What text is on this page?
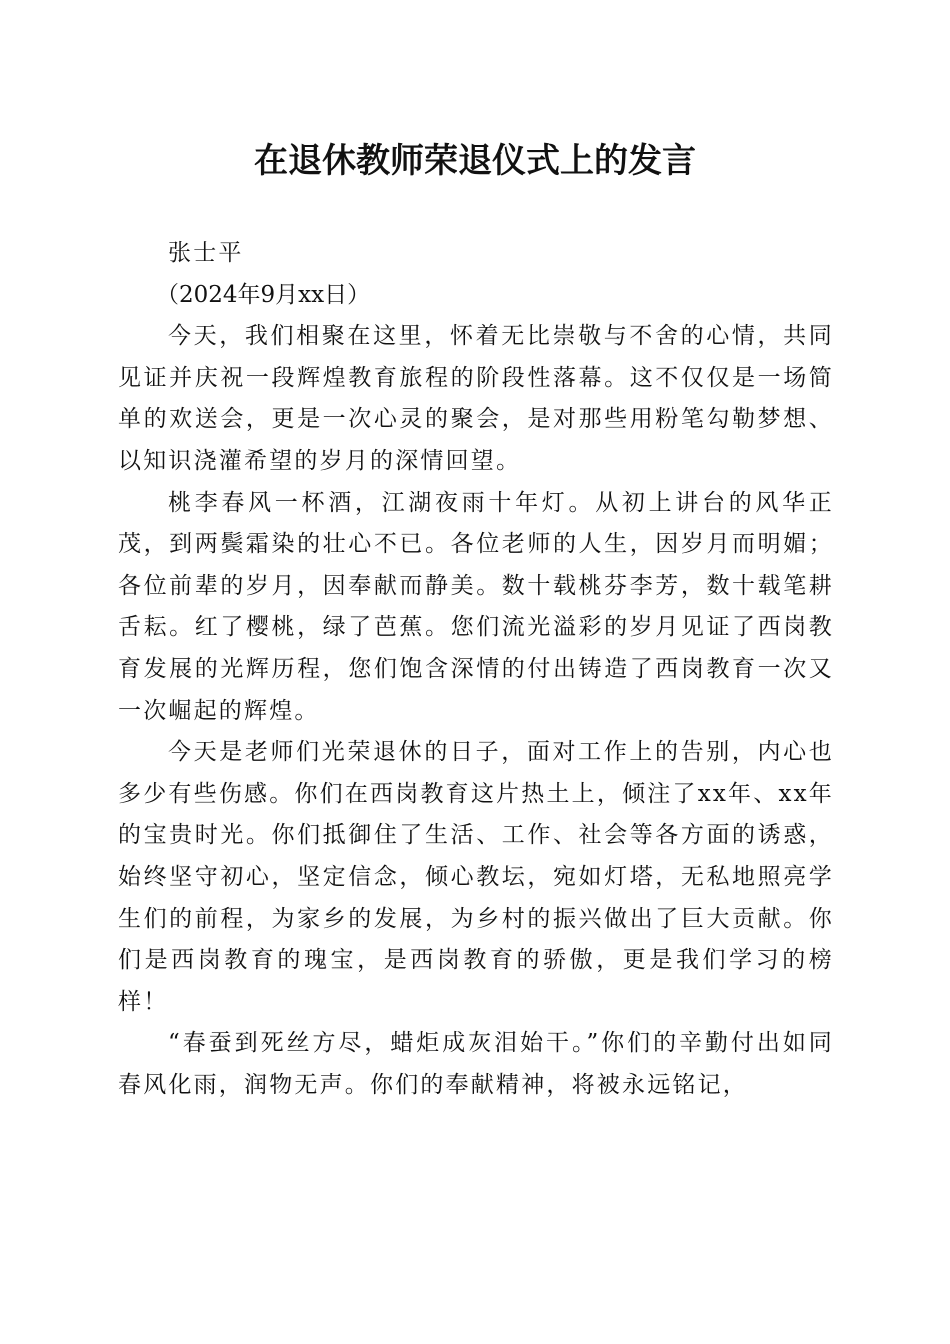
在退休教师荣退仪式上的发言

张士平

（2024年9月xx日）

今天，我们相聚在这里，怀着无比崇敬与不舍的心情，共同见证并庆祝一段辉煌教育旅程的阶段性落幕。这不仅仅是一场简单的欢送会，更是一次心灵的聚会，是对那些用粉笔勾勒梦想、以知识浇灌希望的岁月的深情回望。

桃李春风一杯酒，江湖夜雨十年灯。从初上讲台的风华正茂，到两鬓霜染的壮心不已。各位老师的人生，因岁月而明媚；各位前辈的岁月，因奉献而静美。数十载桃芬李芳，数十载笔耕舌耘。红了樱桃，绿了芭蕉。您们流光溢彩的岁月见证了西岗教育发展的光辉历程，您们饱含深情的付出铸造了西岗教育一次又一次崛起的辉煌。

今天是老师们光荣退休的日子，面对工作上的告别，内心也多少有些伤感。你们在西岗教育这片热土上，倾注了xx年、xx年的宝贵时光。你们抵御住了生活、工作、社会等各方面的诱惑，始终坚守初心，坚定信念，倾心教坛，宛如灯塔，无私地照亮学生们的前程，为家乡的发展，为乡村的振兴做出了巨大贡献。你们是西岗教育的瑰宝，是西岗教育的骄傲，更是我们学习的榜样！

“春蚕到死丝方尽，蜡炬成灰泪始干。”你们的辛勤付出如同春风化雨，润物无声。你们的奉献精神，将被永远铭记，
